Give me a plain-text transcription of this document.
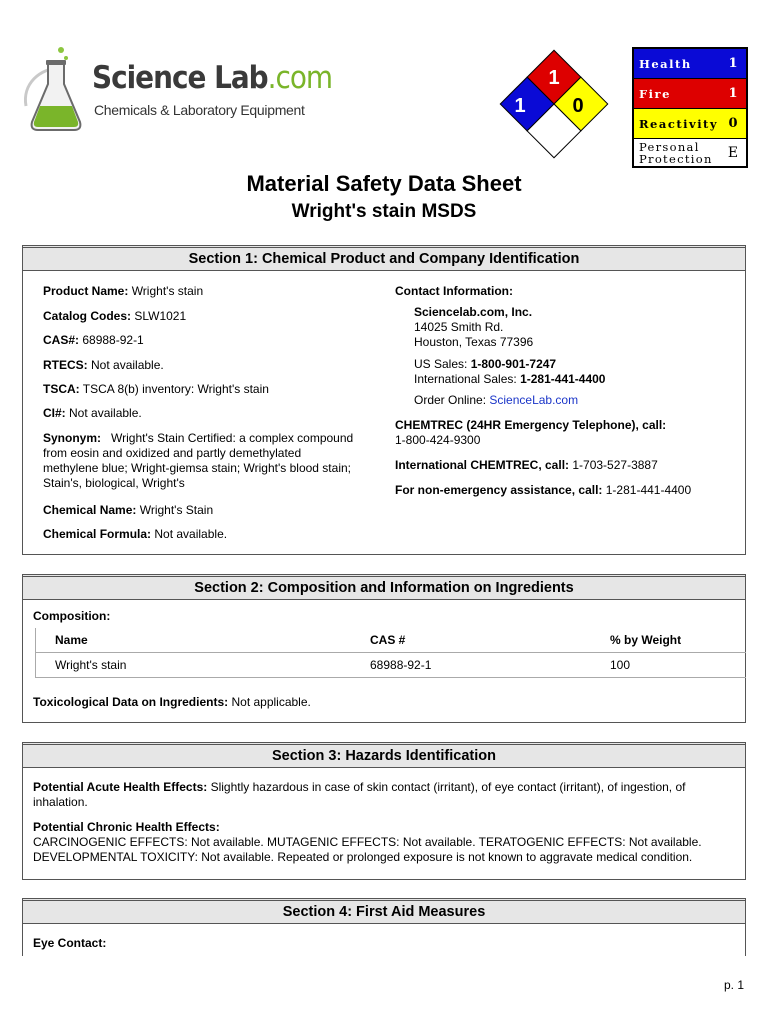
Science Lab.com
Chemicals & Laboratory Equipment
1
1 0
Health	1
Fire	1
Reactivity 0
Personal
Protection	E
Material Safety Data Sheet
Wright's stain MSDS
Section 1: Chemical Product and Company Identification
Product Name: Wright's stain
Catalog Codes: SLW1021
CAS#: 68988-92-1
RTECS: Not available.
TSCA: TSCA 8(b) inventory: Wright's stain
CI#: Not available.
Synonym:   Wright's Stain Certified: a complex compound
from eosin and oxidized and partly demethylated
methylene blue; Wright-giemsa stain; Wright's blood stain;
Stain's, biological, Wright's
Chemical Name: Wright's Stain
Chemical Formula: Not available.
Contact Information:
Sciencelab.com, Inc.
14025 Smith Rd.
Houston, Texas 77396
US Sales: 1-800-901-7247
International Sales: 1-281-441-4400
Order Online: ScienceLab.com
CHEMTREC (24HR Emergency Telephone), call:
1-800-424-9300
International CHEMTREC, call: 1-703-527-3887
For non-emergency assistance, call: 1-281-441-4400
Section 2: Composition and Information on Ingredients
Composition:
Name	CAS #	% by Weight
Wright's stain	68988-92-1	100
Toxicological Data on Ingredients: Not applicable.
Section 3: Hazards Identification
Potential Acute Health Effects: Slightly hazardous in case of skin contact (irritant), of eye contact (irritant), of ingestion, of
inhalation.
Potential Chronic Health Effects:
CARCINOGENIC EFFECTS: Not available. MUTAGENIC EFFECTS: Not available. TERATOGENIC EFFECTS: Not available.
DEVELOPMENTAL TOXICITY: Not available. Repeated or prolonged exposure is not known to aggravate medical condition.
Section 4: First Aid Measures
Eye Contact:
p. 1
